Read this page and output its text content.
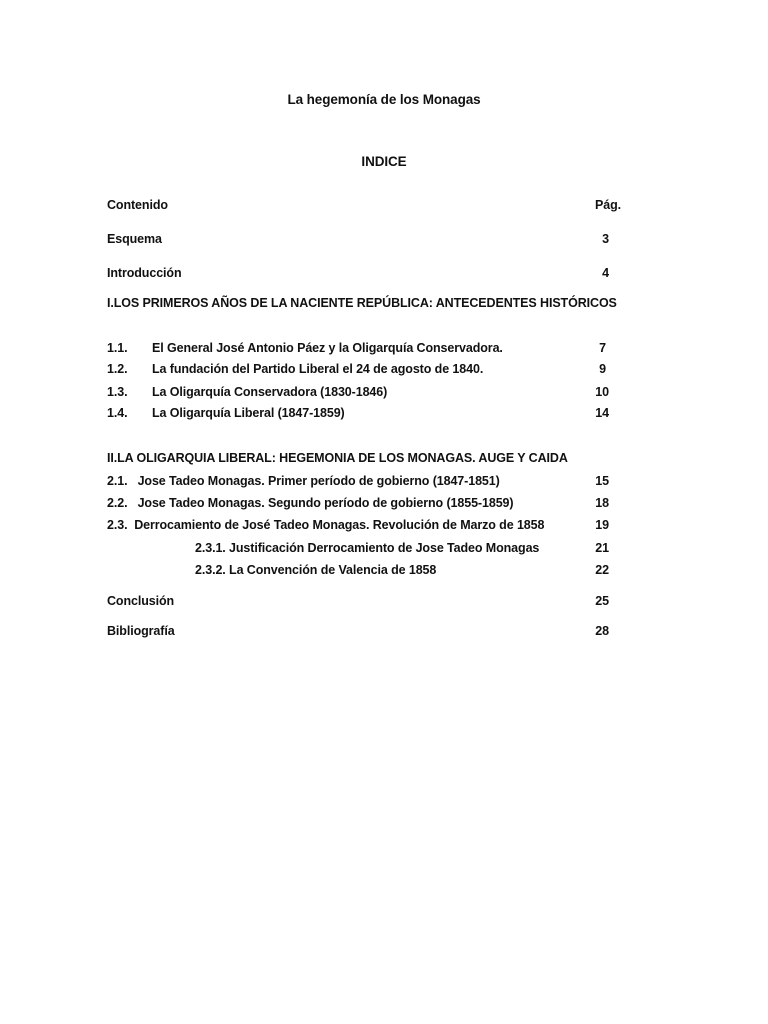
La hegemonía de los Monagas
INDICE
Contenido	Pág.
Esquema	3
Introducción	4
I.LOS PRIMEROS AÑOS DE LA NACIENTE REPÚBLICA: ANTECEDENTES HISTÓRICOS
1.1. El General José Antonio Páez y la Oligarquía Conservadora.	7
1.2. La fundación del Partido Liberal el 24 de agosto de 1840.	9
1.3. La Oligarquía Conservadora (1830-1846)	10
1.4. La Oligarquía Liberal (1847-1859)	14
II.LA OLIGARQUIA LIBERAL: HEGEMONIA DE LOS MONAGAS. AUGE Y CAIDA
2.1.   Jose Tadeo Monagas. Primer período de gobierno (1847-1851)	15
2.2.   Jose Tadeo Monagas. Segundo período de gobierno (1855-1859)	18
2.3.  Derrocamiento de José Tadeo Monagas. Revolución de Marzo de 1858	19
2.3.1. Justificación Derrocamiento de Jose Tadeo Monagas	21
2.3.2. La Convención de Valencia de 1858	22
Conclusión	25
Bibliografía	28
